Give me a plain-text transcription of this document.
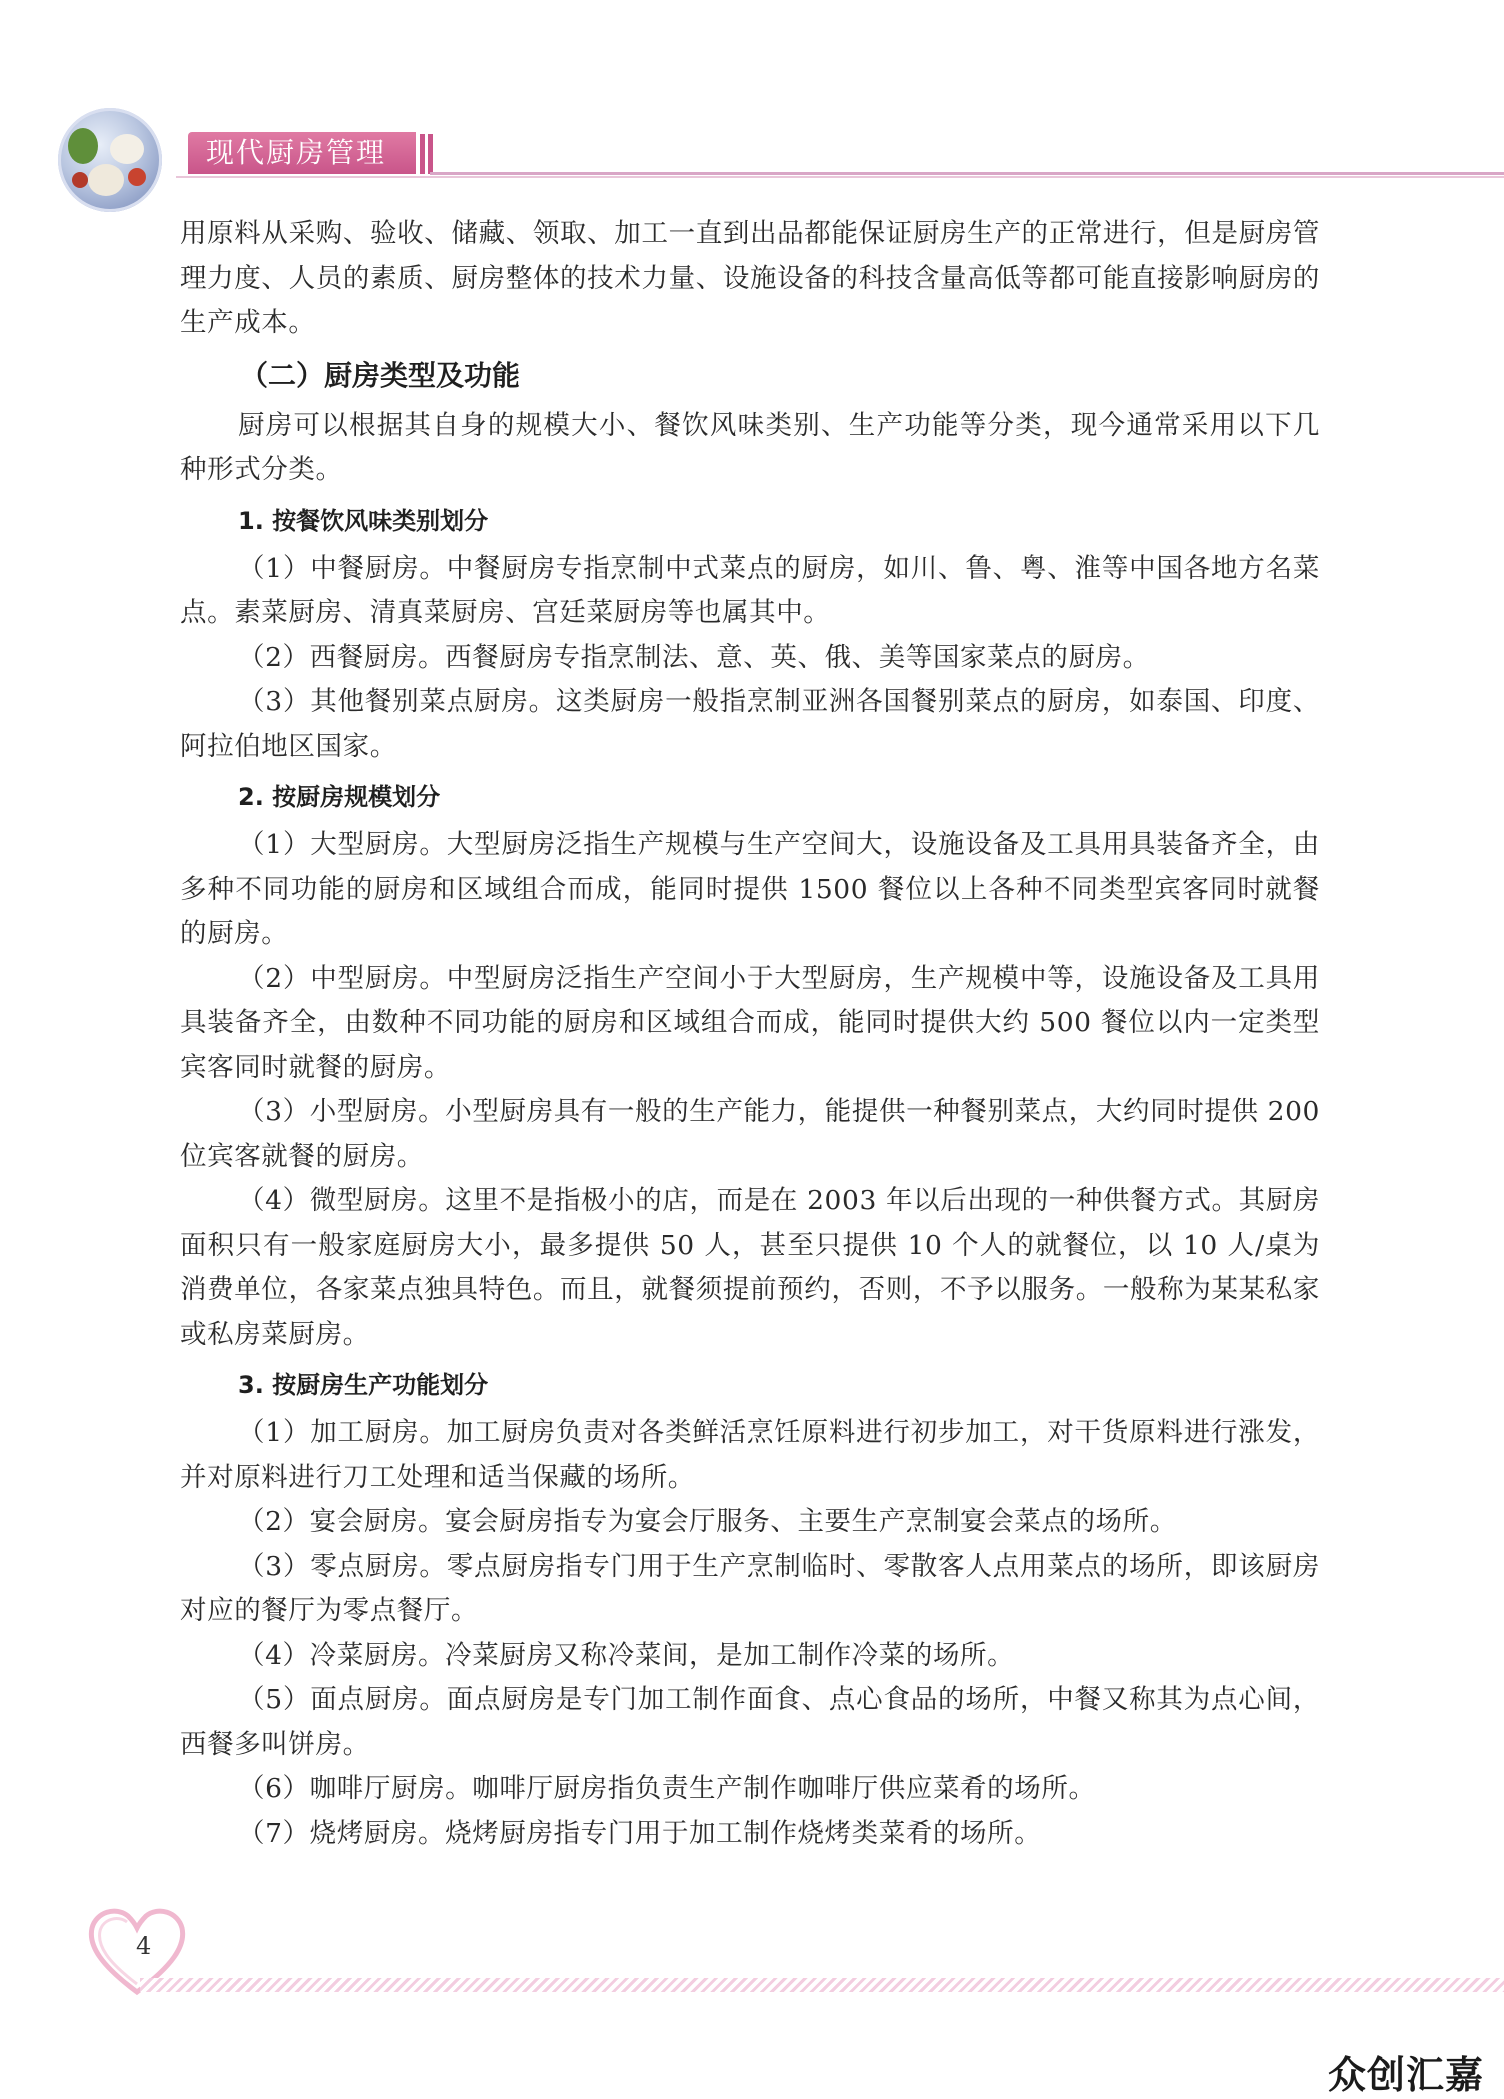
现代厨房管理

用原料从采购、验收、储藏、领取、加工一直到出品都能保证厨房生产的正常进行，但是厨房管理力度、人员的素质、厨房整体的技术力量、设施设备的科技含量高低等都可能直接影响厨房的生产成本。

（二）厨房类型及功能

厨房可以根据其自身的规模大小、餐饮风味类别、生产功能等分类，现今通常采用以下几种形式分类。

1. 按餐饮风味类别划分

（1）中餐厨房。中餐厨房专指烹制中式菜点的厨房，如川、鲁、粤、淮等中国各地方名菜点。素菜厨房、清真菜厨房、宫廷菜厨房等也属其中。

（2）西餐厨房。西餐厨房专指烹制法、意、英、俄、美等国家菜点的厨房。

（3）其他餐别菜点厨房。这类厨房一般指烹制亚洲各国餐别菜点的厨房，如泰国、印度、阿拉伯地区国家。

2. 按厨房规模划分

（1）大型厨房。大型厨房泛指生产规模与生产空间大，设施设备及工具用具装备齐全，由多种不同功能的厨房和区域组合而成，能同时提供 1500 餐位以上各种不同类型宾客同时就餐的厨房。

（2）中型厨房。中型厨房泛指生产空间小于大型厨房，生产规模中等，设施设备及工具用具装备齐全，由数种不同功能的厨房和区域组合而成，能同时提供大约 500 餐位以内一定类型宾客同时就餐的厨房。

（3）小型厨房。小型厨房具有一般的生产能力，能提供一种餐别菜点，大约同时提供 200 位宾客就餐的厨房。

（4）微型厨房。这里不是指极小的店，而是在 2003 年以后出现的一种供餐方式。其厨房面积只有一般家庭厨房大小，最多提供 50 人，甚至只提供 10 个人的就餐位，以 10 人/桌为消费单位，各家菜点独具特色。而且，就餐须提前预约，否则，不予以服务。一般称为某某私家或私房菜厨房。

3. 按厨房生产功能划分

（1）加工厨房。加工厨房负责对各类鲜活烹饪原料进行初步加工，对干货原料进行涨发，并对原料进行刀工处理和适当保藏的场所。

（2）宴会厨房。宴会厨房指专为宴会厅服务、主要生产烹制宴会菜点的场所。

（3）零点厨房。零点厨房指专门用于生产烹制临时、零散客人点用菜点的场所，即该厨房对应的餐厅为零点餐厅。

（4）冷菜厨房。冷菜厨房又称冷菜间，是加工制作冷菜的场所。

（5）面点厨房。面点厨房是专门加工制作面食、点心食品的场所，中餐又称其为点心间，西餐多叫饼房。

（6）咖啡厅厨房。咖啡厅厨房指负责生产制作咖啡厅供应菜肴的场所。

（7）烧烤厨房。烧烤厨房指专门用于加工制作烧烤类菜肴的场所。

4
众创汇嘉
